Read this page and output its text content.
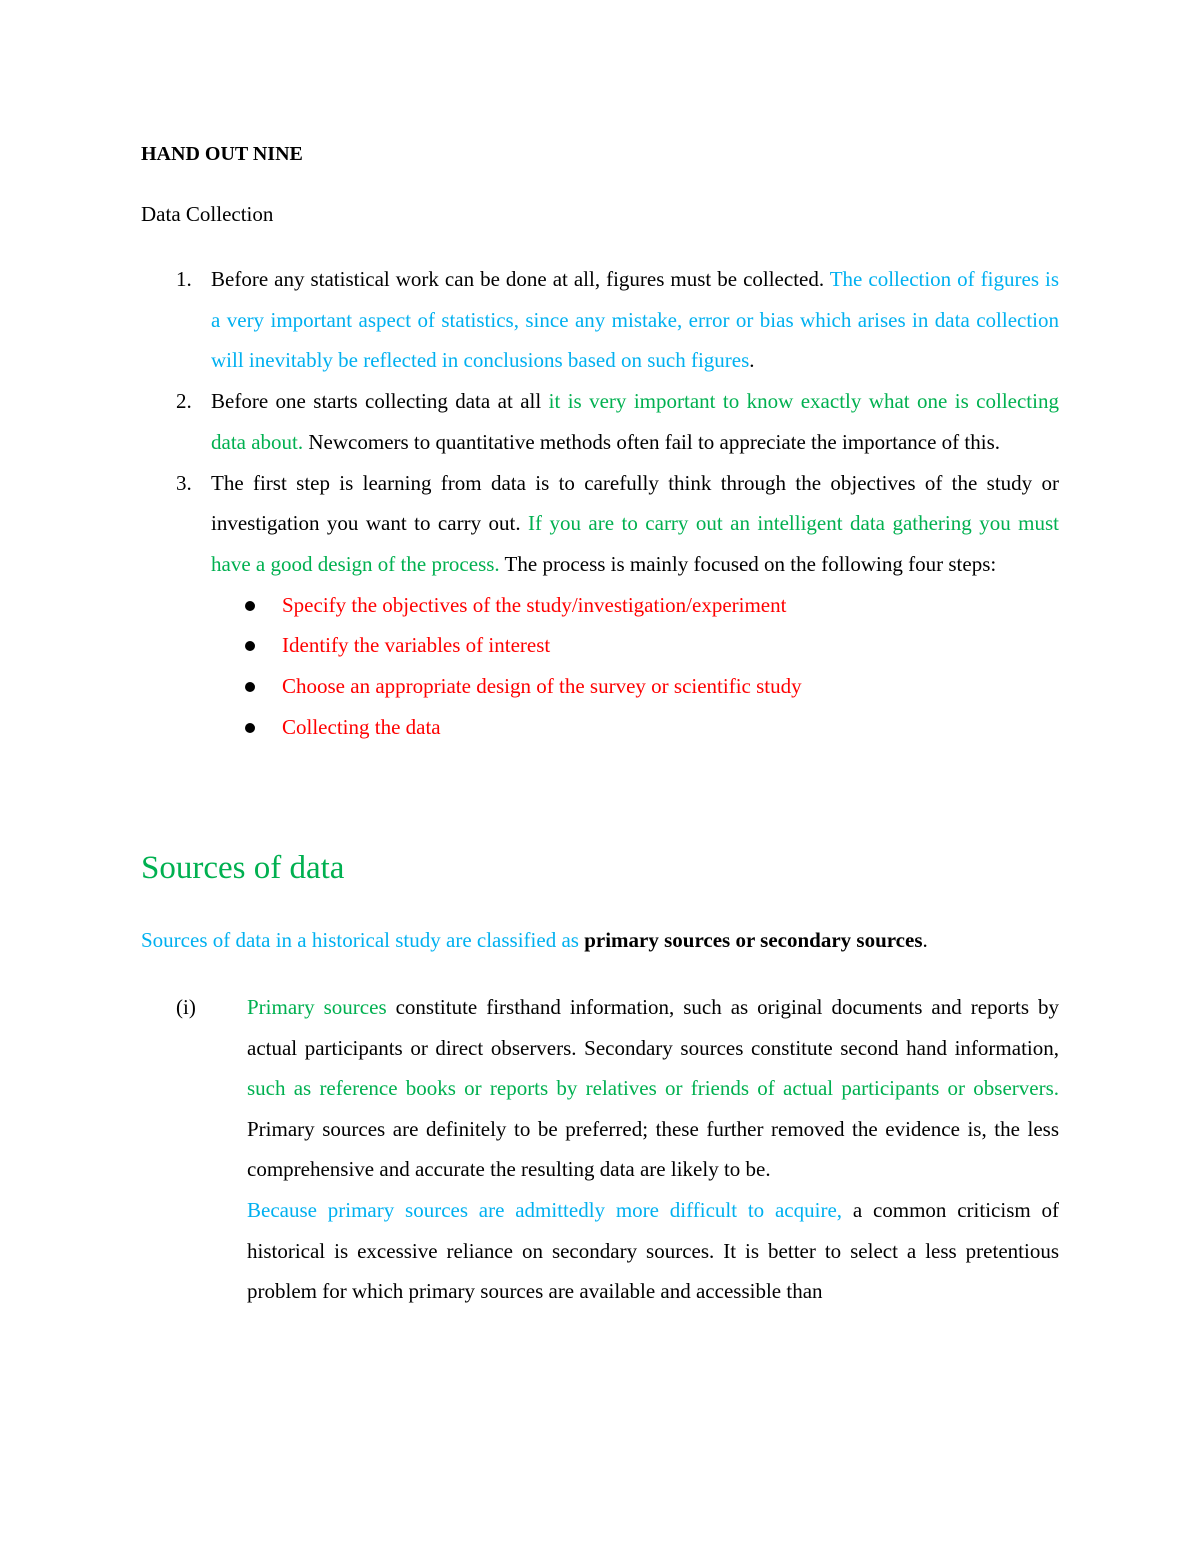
HAND OUT NINE

Data Collection

1. Before any statistical work can be done at all, figures must be collected. The collection of figures is a very important aspect of statistics, since any mistake, error or bias which arises in data collection will inevitably be reflected in conclusions based on such figures.
2. Before one starts collecting data at all it is very important to know exactly what one is collecting data about. Newcomers to quantitative methods often fail to appreciate the importance of this.
3. The first step is learning from data is to carefully think through the objectives of the study or investigation you want to carry out. If you are to carry out an intelligent data gathering you must have a good design of the process. The process is mainly focused on the following four steps:
Specify the objectives of the study/investigation/experiment
Identify the variables of interest
Choose an appropriate design of the survey or scientific study
Collecting the data
Sources of data

Sources of data in a historical study are classified as primary sources or secondary sources.

(i) Primary sources constitute firsthand information, such as original documents and reports by actual participants or direct observers. Secondary sources constitute second hand information, such as reference books or reports by relatives or friends of actual participants or observers. Primary sources are definitely to be preferred; these further removed the evidence is, the less comprehensive and accurate the resulting data are likely to be.

Because primary sources are admittedly more difficult to acquire, a common criticism of historical is excessive reliance on secondary sources. It is better to select a less pretentious problem for which primary sources are available and accessible than
